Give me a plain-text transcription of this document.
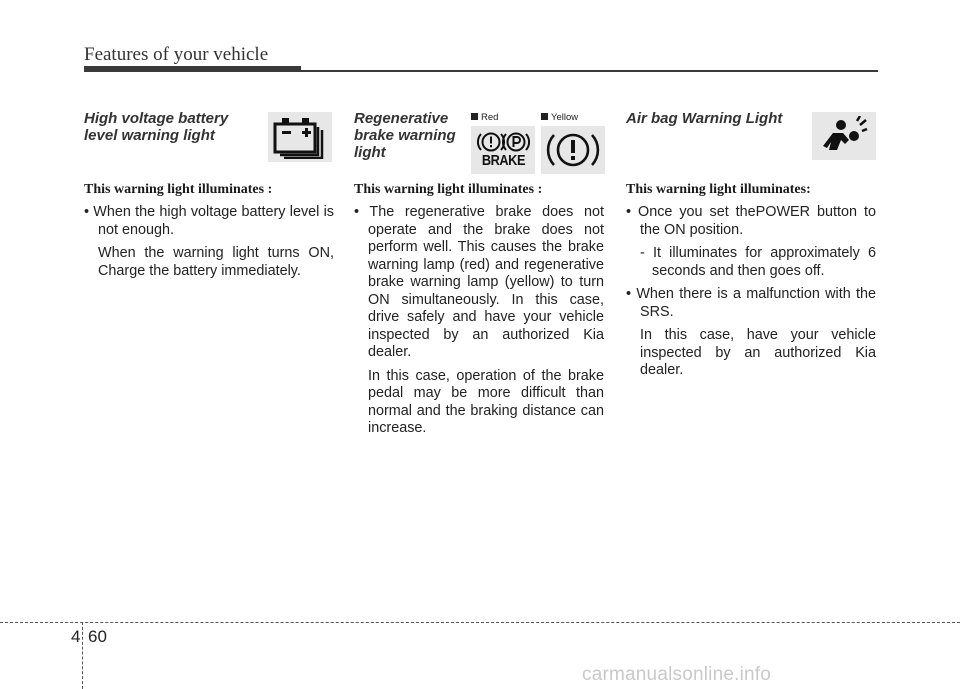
Features of your vehicle

High voltage battery level warning light

This warning light illuminates :

• When the high voltage battery level is not enough.

When the warning light turns ON, Charge the battery immediately.

Regenerative brake warning light

This warning light illuminates :

• The regenerative brake does not operate and the brake does not perform well. This causes the brake warning lamp (red) and regenerative brake warning lamp (yellow) to turn ON simultaneously. In this case, drive safely and have your vehicle inspected by an authorized Kia dealer.

In this case, operation of the brake pedal may be more difficult than normal and the braking distance can increase.

Red	Yellow
BRAKE

Air bag Warning Light

This warning light illuminates:

• Once you set thePOWER button to the ON position.

- It illuminates for approximately 6 seconds and then goes off.

• When there is a malfunction with the SRS.

In this case, have your vehicle inspected by an authorized Kia dealer.

4 60
carmanualsonline.info
